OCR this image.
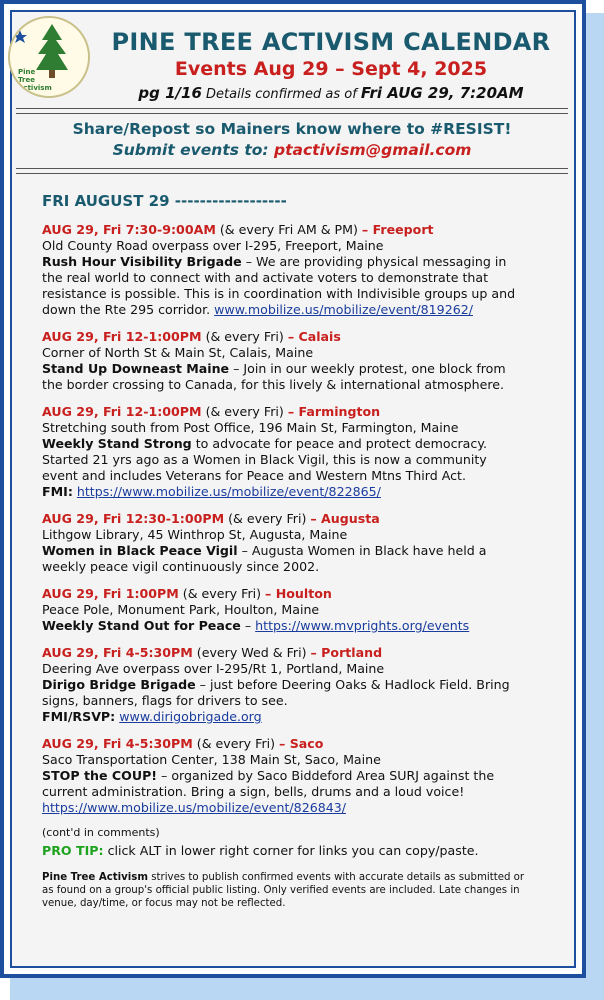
Pine Tree Activism
PINE TREE ACTIVISM CALENDAR
Events Aug 29 – Sept 4, 2025
pg 1/16 Details confirmed as of Fri AUG 29, 7:20AM
Share/Repost so Mainers know where to #RESIST!
Submit events to: ptactivism@gmail.com
FRI AUGUST 29 ------------------
AUG 29, Fri 7:30-9:00AM (& every Fri AM & PM) – Freeport
Old County Road overpass over I-295, Freeport, Maine
Rush Hour Visibility Brigade – We are providing physical messaging in
the real world to connect with and activate voters to demonstrate that
resistance is possible. This is in coordination with Indivisible groups up and
down the Rte 295 corridor. www.mobilize.us/mobilize/event/819262/
AUG 29, Fri 12-1:00PM (& every Fri) – Calais
Corner of North St & Main St, Calais, Maine
Stand Up Downeast Maine – Join in our weekly protest, one block from
the border crossing to Canada, for this lively & international atmosphere.
AUG 29, Fri 12-1:00PM (& every Fri) – Farmington
Stretching south from Post Office, 196 Main St, Farmington, Maine
Weekly Stand Strong to advocate for peace and protect democracy.
Started 21 yrs ago as a Women in Black Vigil, this is now a community
event and includes Veterans for Peace and Western Mtns Third Act.
FMI: https://www.mobilize.us/mobilize/event/822865/
AUG 29, Fri 12:30-1:00PM (& every Fri) – Augusta
Lithgow Library, 45 Winthrop St, Augusta, Maine
Women in Black Peace Vigil – Augusta Women in Black have held a
weekly peace vigil continuously since 2002.
AUG 29, Fri 1:00PM (& every Fri) – Houlton
Peace Pole, Monument Park, Houlton, Maine
Weekly Stand Out for Peace – https://www.mvprights.org/events
AUG 29, Fri 4-5:30PM (every Wed & Fri) – Portland
Deering Ave overpass over I-295/Rt 1, Portland, Maine
Dirigo Bridge Brigade – just before Deering Oaks & Hadlock Field. Bring
signs, banners, flags for drivers to see.
FMI/RSVP: www.dirigobrigade.org
AUG 29, Fri 4-5:30PM (& every Fri) – Saco
Saco Transportation Center, 138 Main St, Saco, Maine
STOP the COUP! – organized by Saco Biddeford Area SURJ against the
current administration. Bring a sign, bells, drums and a loud voice!
https://www.mobilize.us/mobilize/event/826843/
(cont'd in comments)
PRO TIP: click ALT in lower right corner for links you can copy/paste.
Pine Tree Activism strives to publish confirmed events with accurate details as submitted or
as found on a group's official public listing. Only verified events are included. Late changes in
venue, day/time, or focus may not be reflected.
